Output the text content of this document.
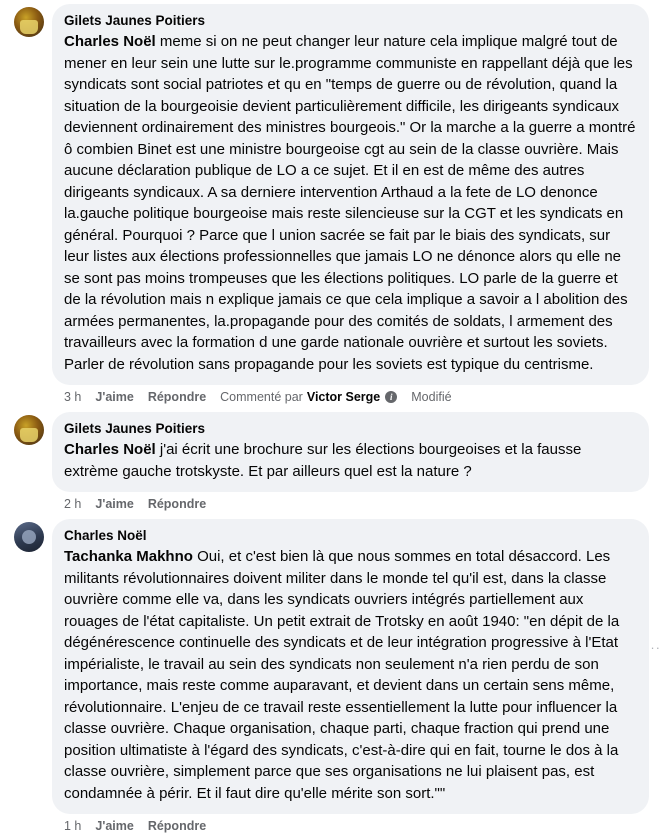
Gilets Jaunes Poitiers
Charles Noël meme si on ne peut changer leur nature cela implique malgré tout de mener en leur sein une lutte sur le.programme communiste en rappellant déjà que les syndicats sont social patriotes et qu en "temps de guerre ou de révolution, quand la situation de la bourgeoisie devient particulièrement difficile, les dirigeants syndicaux deviennent ordinairement des ministres bourgeois." Or la marche a la guerre a montré ô combien Binet est une ministre bourgeoise cgt au sein de la classe ouvrière. Mais aucune déclaration publique de LO a ce sujet. Et il en est de même des autres dirigeants syndicaux. A sa derniere intervention Arthaud a la fete de LO denonce la.gauche politique bourgeoise mais reste silencieuse sur la CGT et les syndicats en général. Pourquoi ? Parce que l union sacrée se fait par le biais des syndicats, sur leur listes aux élections professionnelles que jamais LO ne dénonce alors qu elle ne se sont pas moins trompeuses que les élections politiques. LO parle de la guerre et de la révolution mais n explique jamais ce que cela implique a savoir a l abolition des armées permanentes, la.propagande pour des comités de soldats, l armement des travailleurs avec la formation d une garde nationale ouvrière et surtout les soviets. Parler de révolution sans propagande pour les soviets est typique du centrisme.
3 h J'aime Répondre Commenté par Victor Serge	i	Modifié
Gilets Jaunes Poitiers
Charles Noël j'ai écrit une brochure sur les élections bourgeoises et la fausse extrème gauche trotskyste. Et par ailleurs quel est la nature ?
2 h J'aime Répondre
Charles Noël
Tachanka Makhno Oui, et c'est bien là que nous sommes en total désaccord. Les militants révolutionnaires doivent militer dans le monde tel qu'il est, dans la classe ouvrière comme elle va, dans les syndicats ouvriers intégrés partiellement aux rouages de l'état capitaliste. Un petit extrait de Trotsky en août 1940: "en dépit de la dégénérescence continuelle des syndicats et de leur intégration progressive à l'Etat impérialiste, le travail au sein des syndicats non seulement n'a rien perdu de son importance, mais reste comme auparavant, et devient dans un certain sens même, révolutionnaire. L'enjeu de ce travail reste essentiellement la lutte pour influencer la classe ouvrière. Chaque organisation, chaque parti, chaque fraction qui prend une position ultimatiste à l'égard des syndicats, c'est-à-dire qui en fait, tourne le dos à la classe ouvrière, simplement parce que ses organisations ne lui plaisent pas, est condamnée à périr. Et il faut dire qu'elle mérite son sort.""
1 h J'aime Répondre
··
